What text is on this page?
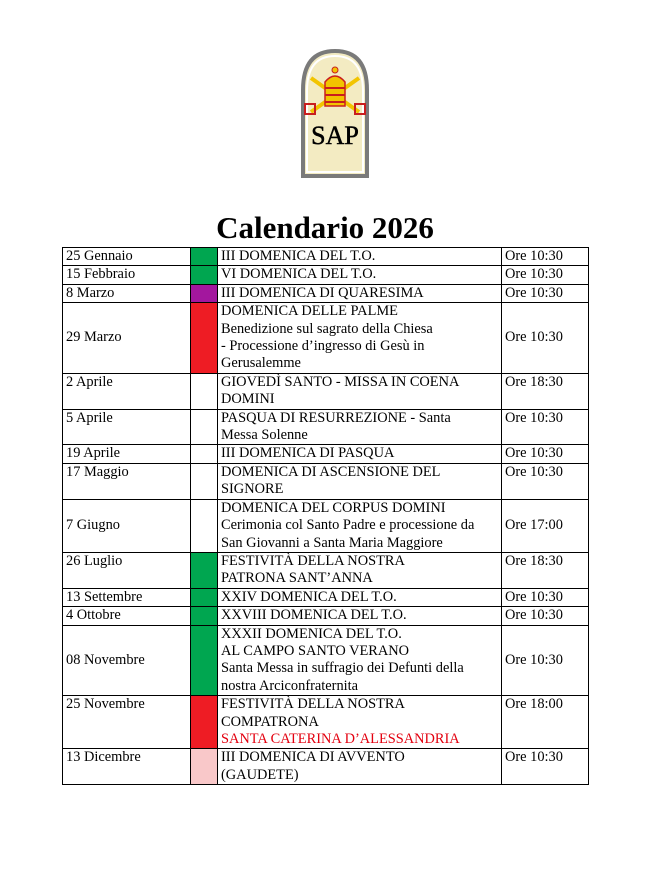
SAP
Calendario 2026
25 Gennaio		III DOMENICA DEL T.O.	Ore 10:30
15 Febbraio		VI DOMENICA DEL T.O.	Ore 10:30
8 Marzo		III DOMENICA DI QUARESIMA	Ore 10:30
29 Marzo		DOMENICA DELLE PALME
Benedizione sul sagrato della Chiesa
- Processione d’ingresso di Gesù in
Gerusalemme	Ore 10:30
2 Aprile		GIOVEDÌ SANTO - MISSA IN COENA
DOMINI	Ore 18:30
5 Aprile		PASQUA DI RESURREZIONE - Santa
Messa Solenne	Ore 10:30
19 Aprile		III DOMENICA DI PASQUA	Ore 10:30
17 Maggio		DOMENICA DI ASCENSIONE DEL
SIGNORE	Ore 10:30
7 Giugno		DOMENICA DEL CORPUS DOMINI
Cerimonia col Santo Padre e processione da
San Giovanni a Santa Maria Maggiore	Ore 17:00
26 Luglio		FESTIVITÀ DELLA NOSTRA
PATRONA SANT’ANNA	Ore 18:30
13 Settembre		XXIV DOMENICA DEL T.O.	Ore 10:30
4 Ottobre		XXVIII DOMENICA DEL T.O.	Ore 10:30
08 Novembre		XXXII DOMENICA DEL T.O.
AL CAMPO SANTO VERANO
Santa Messa in suffragio dei Defunti della
nostra Arciconfraternita	Ore 10:30
25 Novembre		FESTIVITÀ DELLA NOSTRA
COMPATRONA
SANTA CATERINA D’ALESSANDRIA	Ore 18:00
13 Dicembre		III DOMENICA DI AVVENTO
(GAUDETE)	Ore 10:30
